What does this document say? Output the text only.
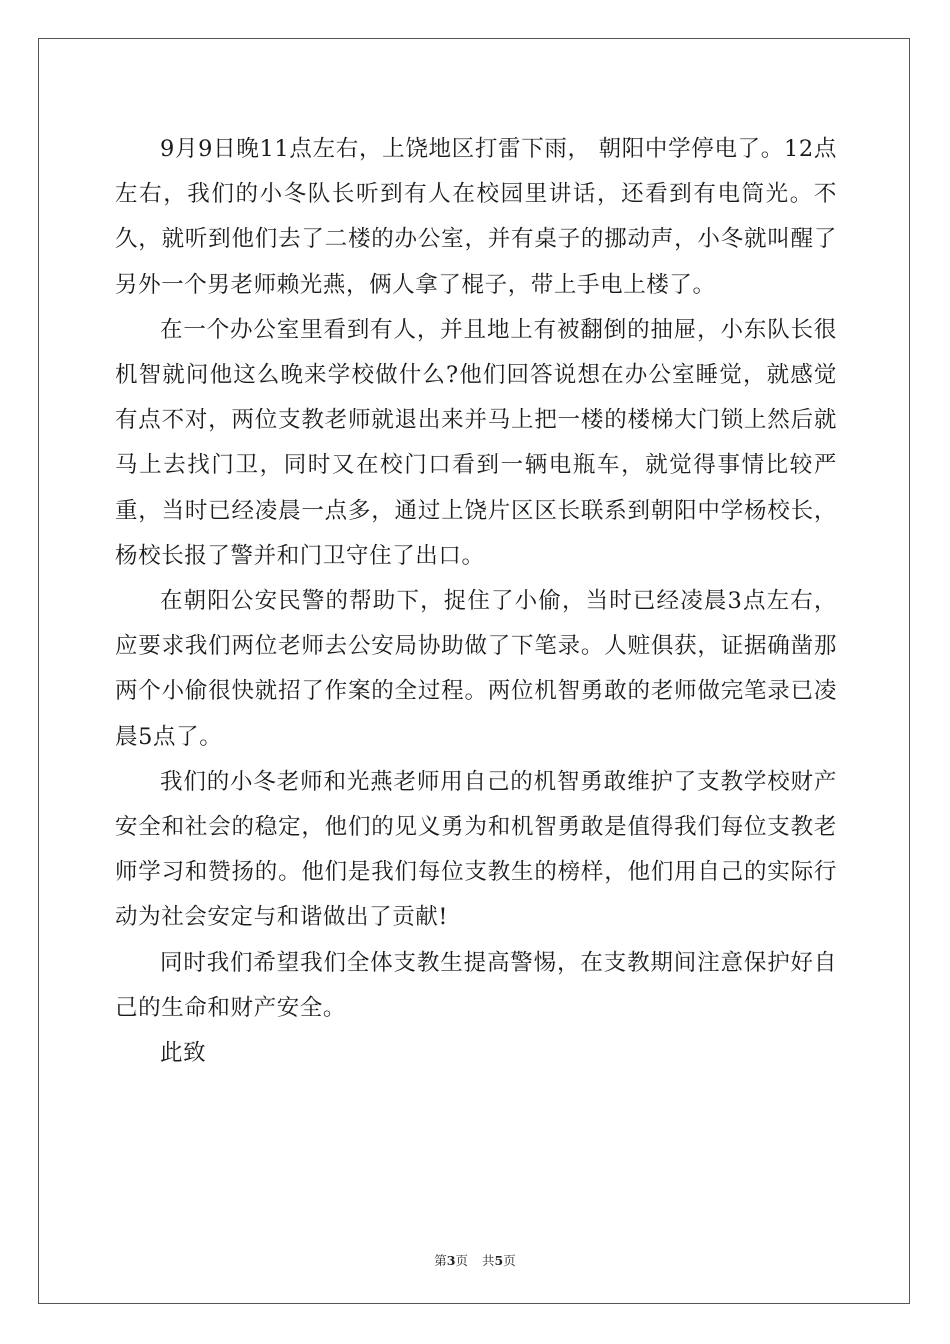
9月9日晚11点左右，上饶地区打雷下雨， 朝阳中学停电了。12点左右，我们的小冬队长听到有人在校园里讲话，还看到有电筒光。不久，就听到他们去了二楼的办公室，并有桌子的挪动声，小冬就叫醒了另外一个男老师赖光燕，俩人拿了棍子，带上手电上楼了。

在一个办公室里看到有人，并且地上有被翻倒的抽屉，小东队长很机智就问他这么晚来学校做什么?他们回答说想在办公室睡觉，就感觉有点不对，两位支教老师就退出来并马上把一楼的楼梯大门锁上然后就马上去找门卫，同时又在校门口看到一辆电瓶车，就觉得事情比较严重，当时已经凌晨一点多，通过上饶片区区长联系到朝阳中学杨校长，杨校长报了警并和门卫守住了出口。

在朝阳公安民警的帮助下，捉住了小偷，当时已经凌晨3点左右，应要求我们两位老师去公安局协助做了下笔录。人赃俱获，证据确凿那两个小偷很快就招了作案的全过程。两位机智勇敢的老师做完笔录已凌晨5点了。

我们的小冬老师和光燕老师用自己的机智勇敢维护了支教学校财产安全和社会的稳定，他们的见义勇为和机智勇敢是值得我们每位支教老师学习和赞扬的。他们是我们每位支教生的榜样，他们用自己的实际行动为社会安定与和谐做出了贡献!

同时我们希望我们全体支教生提高警惕，在支教期间注意保护好自己的生命和财产安全。

此致

第3页 共5页
